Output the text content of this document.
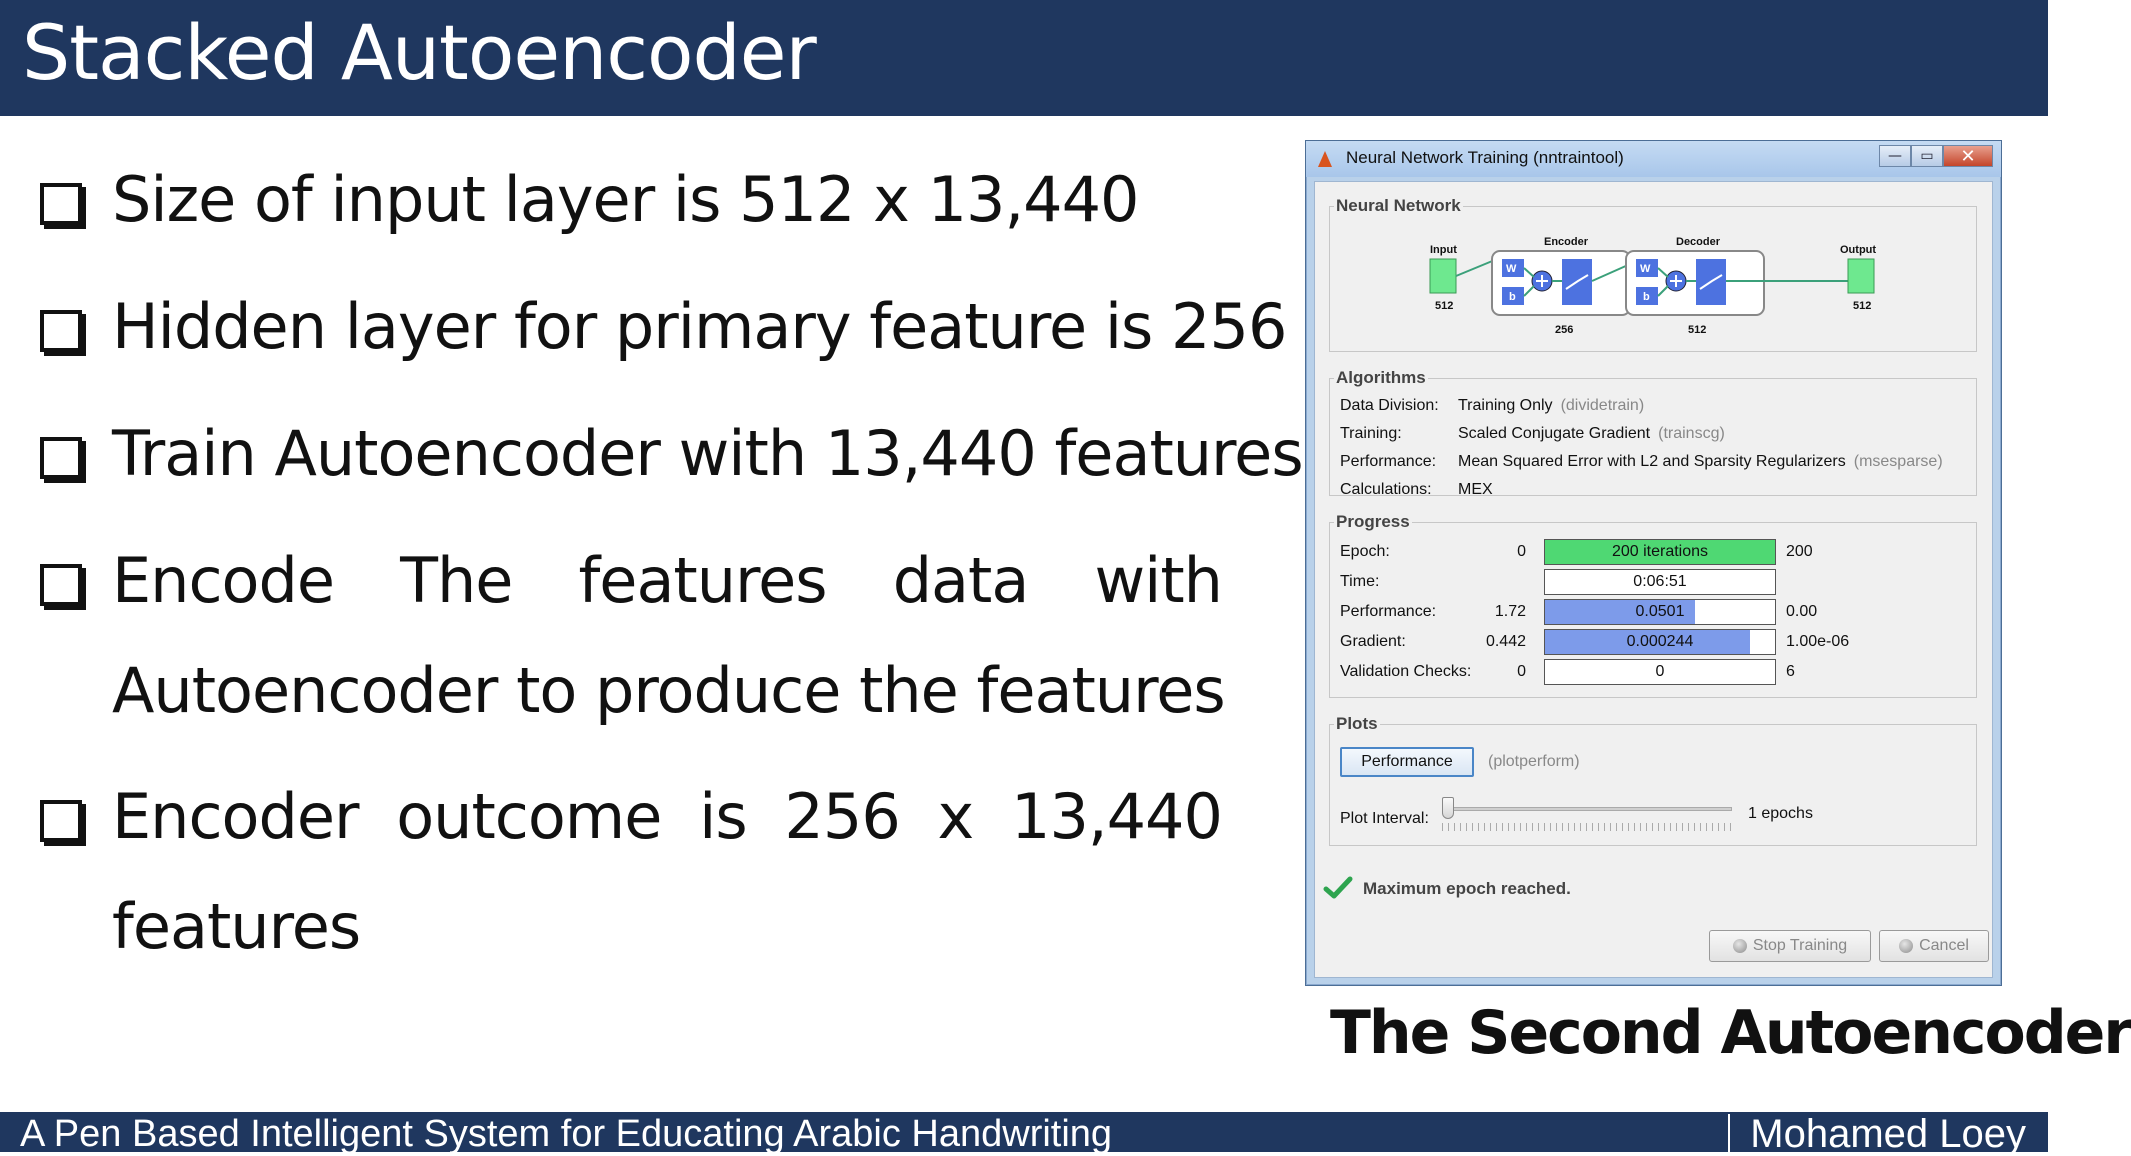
Stacked Autoencoder
Size of input layer is 512 x 13,440
Hidden layer for primary feature is 256
Train Autoencoder with 13,440 features
Encode The features data with
Autoencoder to produce the features
Encoder outcome is 256 x 13,440
features
Neural Network Training (nntraintool)	—	▭	✕
Neural Network
Input
512
Encoder
W
b
256
Decoder
W
b
512
Output
512
Algorithms
Data Division: Training Only (dividetrain)
Training:	Scaled Conjugate Gradient (trainscg)
Performance: Mean Squared Error with L2 and Sparsity Regularizers (msesparse)
Calculations: MEX
Progress
Epoch:	0	200 iterations	200
Time:	0:06:51
Performance:	1.72	0.0501	0.00
Gradient:	0.442	0.000244	1.00e-06
Validation Checks:	0	0	6
Plots
Performance	(plotperform)
Plot Interval:	1 epochs
Maximum epoch reached.
Stop Training	Cancel
The Second Autoencoder
A Pen Based Intelligent System for Educating Arabic Handwriting	Mohamed Loey
